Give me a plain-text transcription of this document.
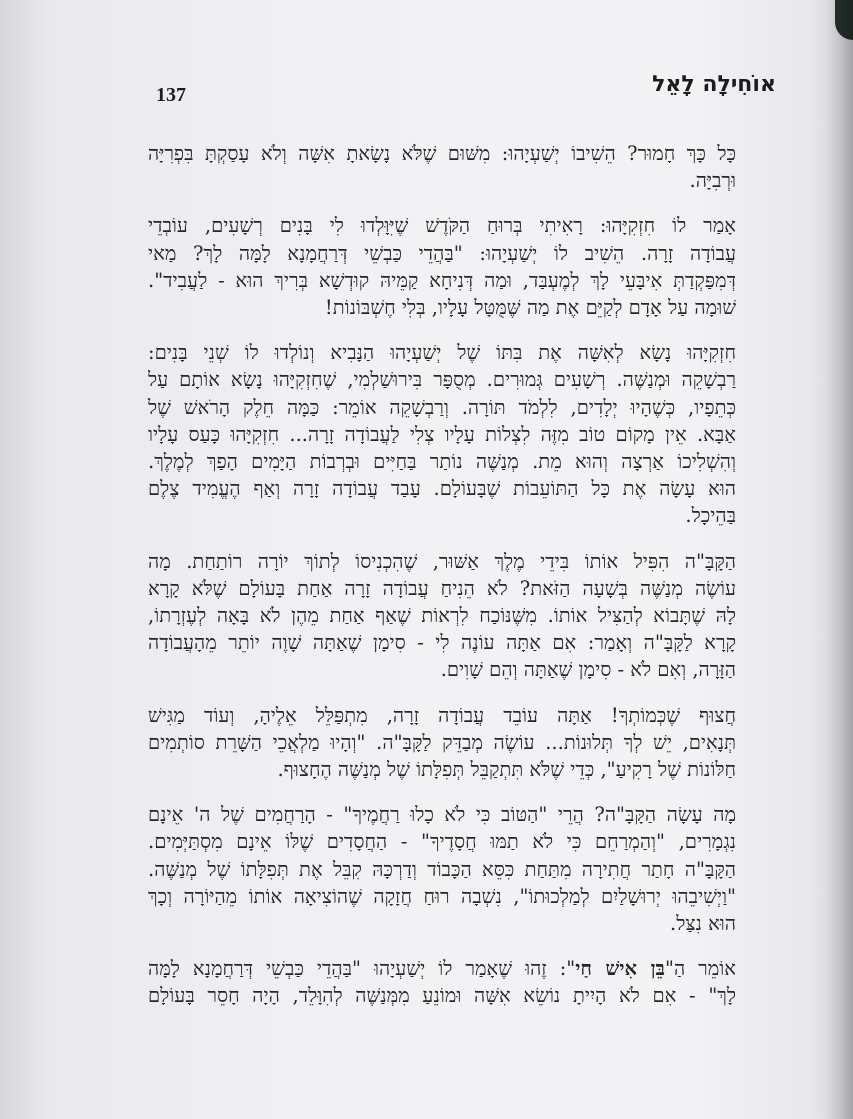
137	אוֹחִילָה לָאֵל
כָּל כָּךְ חָמוּר? הֵשִׁיבוֹ יְשַׁעְיָהוּ: מִשּׁוּם שֶׁלֹּא נָשָׂאתָ אִשָּׁה וְלֹא עָסַקְתָּ בִּפְרִיָּה
וּרְבִיָּה.
אָמַר לוֹ חִזְקִיָּהוּ: רָאִיתִי בְּרוּחַ הַקֹּדֶשׁ שֶׁיִּוָּלְדוּ לִי בָּנִים רְשָׁעִים, עוֹבְדֵי
עֲבוֹדָה זָרָה. הֵשִׁיב לוֹ יְשַׁעְיָהוּ: "בַּהֲדֵי כַּבְשֵׁי דְּרַחֲמָנָא לָמָּה לָךְ? מַאי
דְּמִפַּקְדַתְּ אִיבָּעֵי לָךְ לְמֶעְבַּד, וּמַה דְּנִיחָא קַמֵּיהּ קוּדְשָׁא בְּרִיךְ הוּא - לַעֲבִיד".
שׁוּמָה עַל אָדָם לְקַיֵּם אֶת מַה שֶּׁמֻּטָּל עָלָיו, בְּלִי חֶשְׁבּוֹנוֹת!
חִזְקִיָּהוּ נָשָׂא לְאִשָּׁה אֶת בִּתּוֹ שֶׁל יְשַׁעְיָהוּ הַנָּבִיא וְנוֹלְדוּ לוֹ שְׁנֵי בָּנִים:
רַבְשָׁקֵה וּמְנַשֶּׁה. רְשָׁעִים גְּמוּרִים. מְסֻפָּר בִּירוּשַׁלְמִי, שֶׁחִזְקִיָּהוּ נָשָׂא אוֹתָם עַל
כְּתֵפָיו, כְּשֶׁהָיוּ יְלָדִים, לִלְמֹד תּוֹרָה. וְרַבְשָׁקֵה אוֹמֵר: כַּמָּה חֵלֶק הָרֹאשׁ שֶׁל
אַבָּא. אֵין מָקוֹם טוֹב מִזֶּה לִצְלוֹת עָלָיו צְלִי לַעֲבוֹדָה זָרָה... חִזְקִיָּהוּ כָּעַס עָלָיו
וְהִשְׁלִיכוֹ אַרְצָה וְהוּא מֵת. מְנַשֶּׁה נוֹתַר בַּחַיִּים וּבְרְבוֹת הַיָּמִים הָפַךְ לְמֶלֶךְ.
הוּא עָשָׂה אֶת כָּל הַתּוֹעֵבוֹת שֶׁבָּעוֹלָם. עָבַד עֲבוֹדָה זָרָה וְאַף הֶעֱמִיד צֶלֶם
בַּהֵיכָל.
הַקָּבָּ"ה הִפִּיל אוֹתוֹ בִּידֵי מֶלֶךְ אַשּׁוּר, שֶׁהִכְנִיסוֹ לְתוֹךְ יוֹרָה רוֹתַחַת. מָה
עוֹשֶׂה מְנַשֶּׁה בְּשָׁעָה הַזֹּאת? לֹא הֵנִיחַ עֲבוֹדָה זָרָה אַחַת בָּעוֹלָם שֶׁלֹּא קָרָא
לָהּ שֶׁתָּבוֹא לְהַצִּיל אוֹתוֹ. מִשֶּׁנּוֹכַח לִרְאוֹת שֶׁאַף אַחַת מֵהֶן לֹא בָּאָה לְעֶזְרָתוֹ,
קָרָא לַקָּבָּ"ה וְאָמַר: אִם אַתָּה עוֹנֶה לִי - סִימָן שֶׁאַתָּה שָׁוֶה יוֹתֵר מֵהָעֲבוֹדָה
הַזָּרָה, וְאִם לֹא - סִימָן שֶׁאַתָּה וְהֵם שָׁוִים.
חֲצוּף שֶׁכְּמוֹתְךָ! אַתָּה עוֹבֵד עֲבוֹדָה זָרָה, מִתְפַּלֵּל אֵלֶיהָ, וְעוֹד מַגִּישׁ
תְּנָאִים, יֵשׁ לְךָ תְּלוּנוֹת... עוֹשֶׂה מְבַדֵּק לַקָּבָּ"ה. "וְהָיוּ מַלְאֲכֵי הַשָּׁרֵת סוֹתְמִים
חַלּוֹנוֹת שֶׁל רָקִיעַ", כְּדֵי שֶׁלֹּא תִּתְקַבֵּל תְּפִלָּתוֹ שֶׁל מְנַשֶּׁה הֶחָצוּף.
מָה עָשָׂה הַקָּבָּ"ה? הֲרֵי "הַטּוֹב כִּי לֹא כָלוּ רַחֲמֶיךָ" - הָרַחֲמִים שֶׁל ה' אֵינָם
נִגְמָרִים, "וְהַמְרַחֵם כִּי לֹא תַמּוּ חֲסָדֶיךָ" - הַחֲסָדִים שֶׁלּוֹ אֵינָם מִסְתַּיְּמִים.
הַקָּבָּ"ה חָתַר חֲתִירָה מִתַּחַת כִּסֵּא הַכָּבוֹד וְדַרְכָּהּ קִבֵּל אֶת תְּפִלָּתוֹ שֶׁל מְנַשֶּׁה.
"וַיְשִׁיבֵהוּ יְרוּשָׁלַיִם לְמַלְכוּתוֹ", נִשְׁבָה רוּחַ חֲזָקָה שֶׁהוֹצִיאָה אוֹתוֹ מֵהַיּוֹרָה וְכָךְ
הוּא נִצַּל.
אוֹמֵר הַ"בֵּן אִישׁ חַי": זֶהוּ שֶׁאָמַר לוֹ יְשַׁעְיָהוּ "בַּהֲדֵי כַּבְשֵׁי דְּרַחֲמָנָא לָמָּה
לָךְ" - אִם לֹא הָיִיתָ נוֹשֵׂא אִשָּׁה וּמוֹנֵעַ מִמְּנַשֶּׁה לְהִוָּלֵד, הָיָה חָסֵר בָּעוֹלָם
